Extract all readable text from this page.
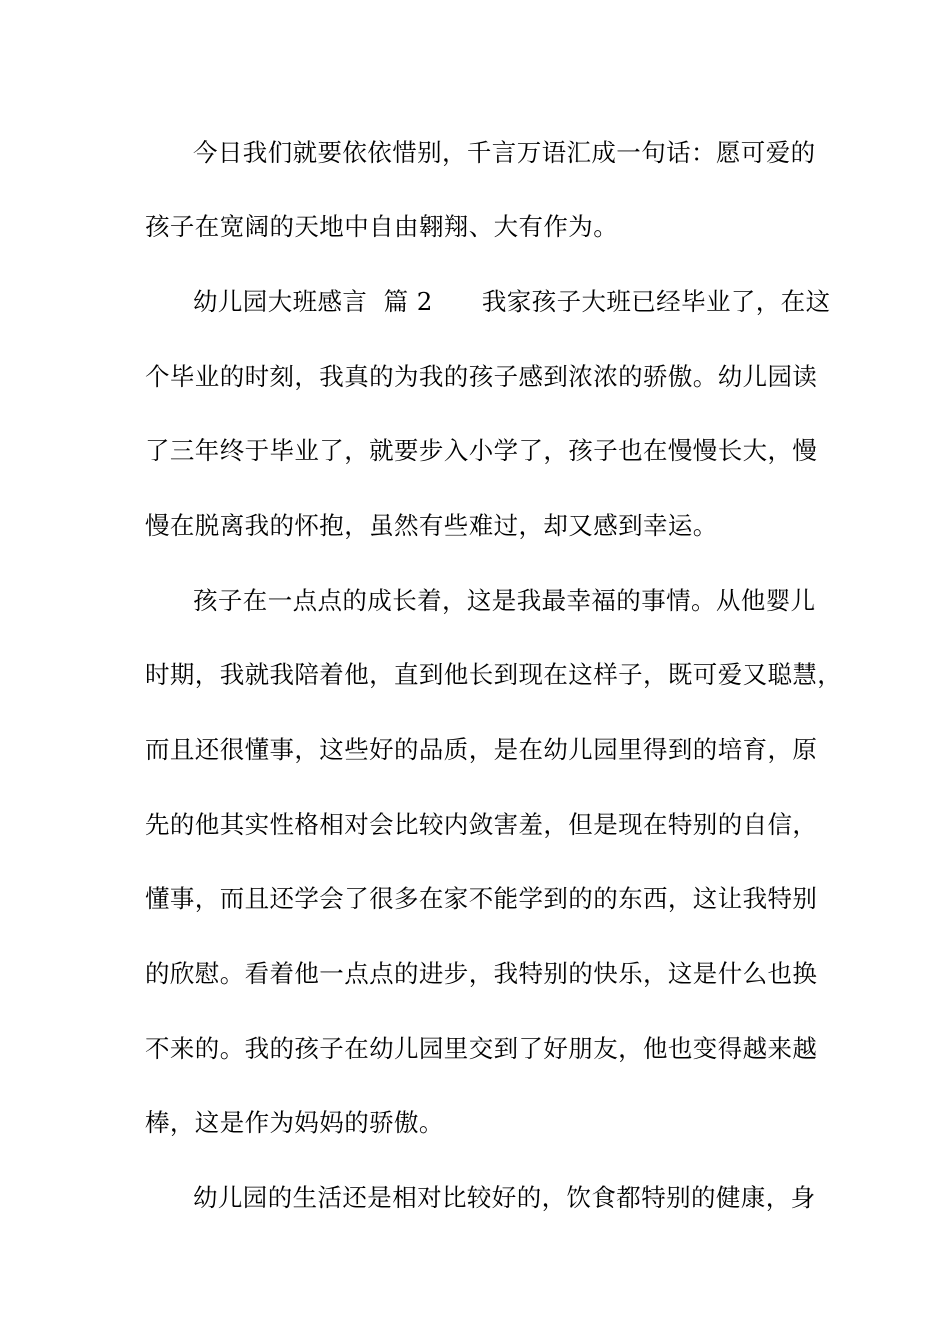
今日我们就要依依惜别，千言万语汇成一句话：愿可爱的
孩子在宽阔的天地中自由翱翔、大有作为。
幼儿园大班感言  篇 2      我家孩子大班已经毕业了，在这
个毕业的时刻，我真的为我的孩子感到浓浓的骄傲。幼儿园读
了三年终于毕业了，就要步入小学了，孩子也在慢慢长大，慢
慢在脱离我的怀抱，虽然有些难过，却又感到幸运。
孩子在一点点的成长着，这是我最幸福的事情。从他婴儿
时期，我就我陪着他，直到他长到现在这样子，既可爱又聪慧，
而且还很懂事，这些好的品质，是在幼儿园里得到的培育，原
先的他其实性格相对会比较内敛害羞，但是现在特别的自信，
懂事，而且还学会了很多在家不能学到的的东西，这让我特别
的欣慰。看着他一点点的进步，我特别的快乐，这是什么也换
不来的。我的孩子在幼儿园里交到了好朋友，他也变得越来越
棒，这是作为妈妈的骄傲。
幼儿园的生活还是相对比较好的，饮食都特别的健康，身
